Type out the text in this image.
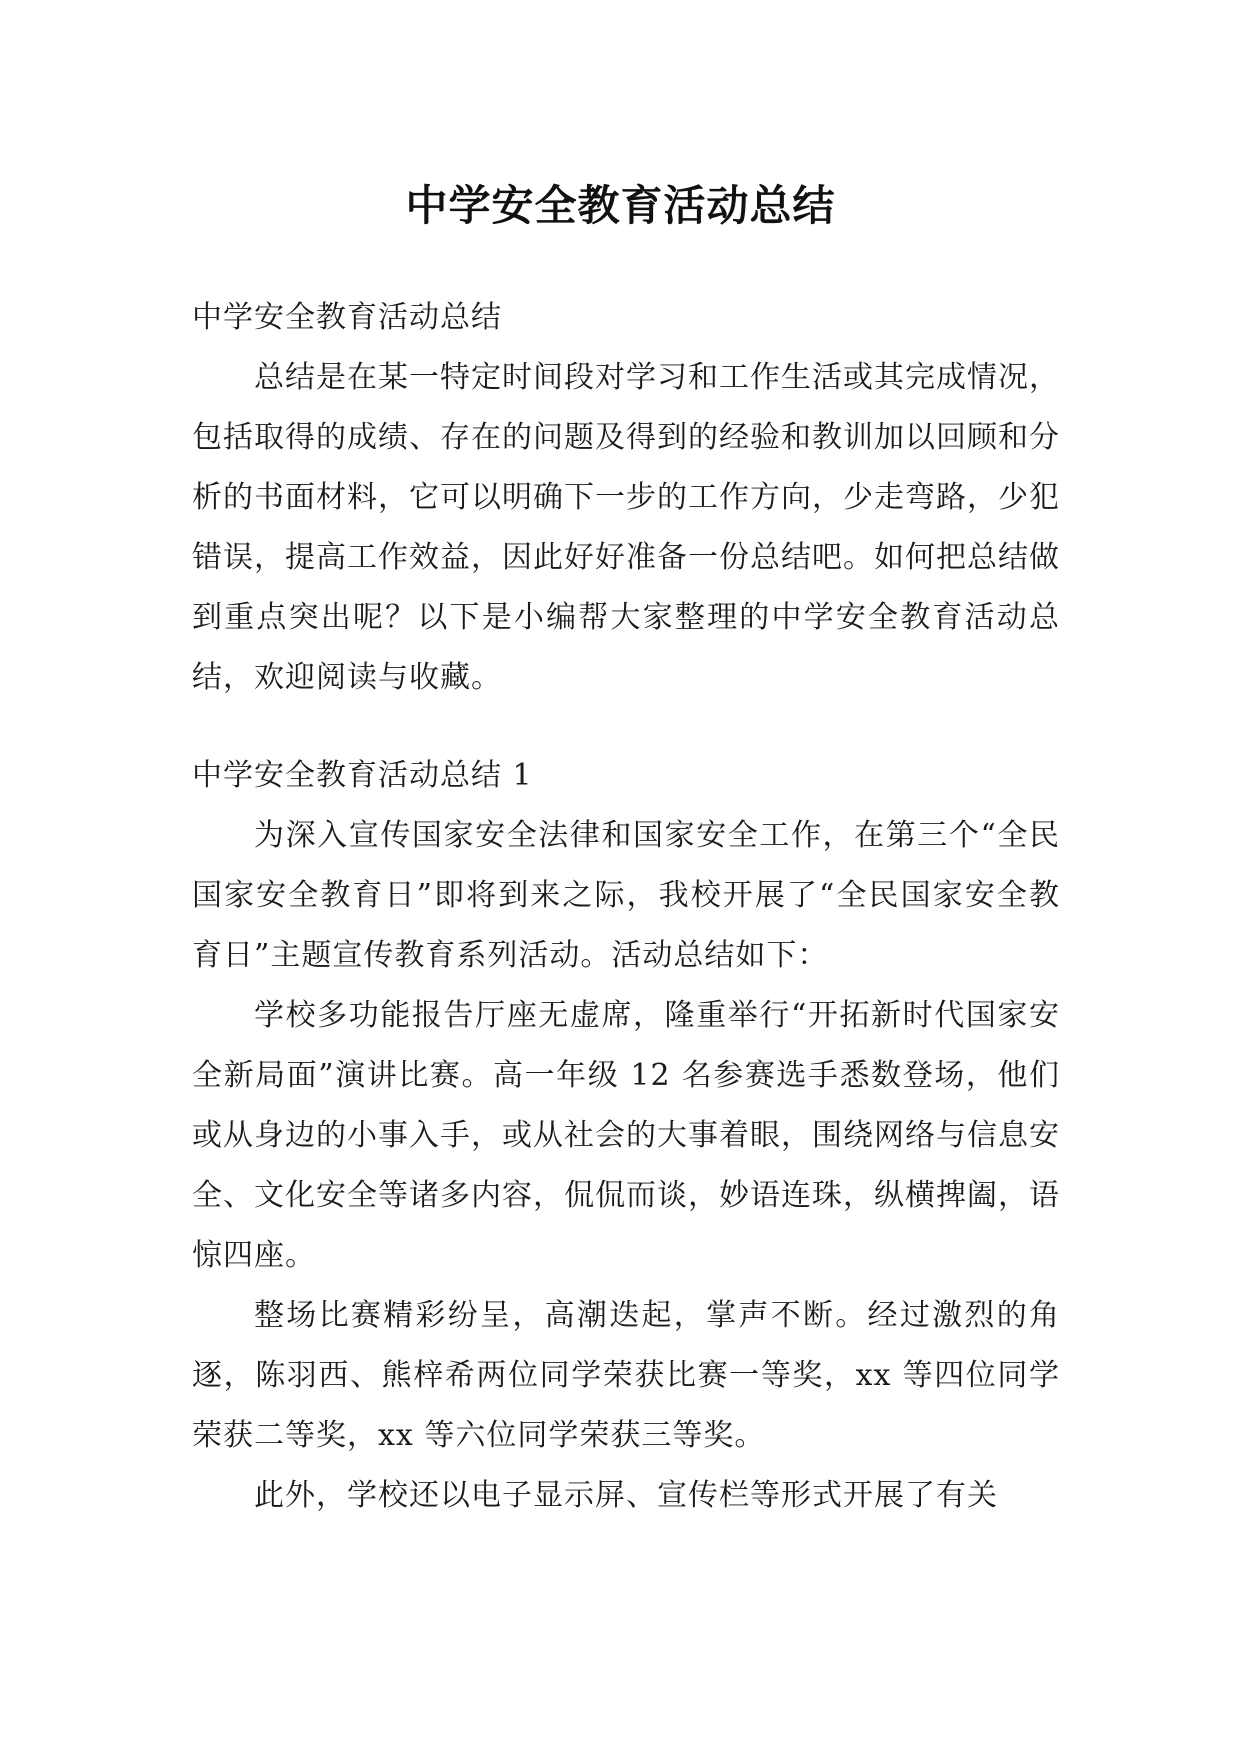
中学安全教育活动总结

中学安全教育活动总结

总结是在某一特定时间段对学习和工作生活或其完成情况，包括取得的成绩、存在的问题及得到的经验和教训加以回顾和分析的书面材料，它可以明确下一步的工作方向，少走弯路，少犯错误，提高工作效益，因此好好准备一份总结吧。如何把总结做到重点突出呢？以下是小编帮大家整理的中学安全教育活动总结，欢迎阅读与收藏。

中学安全教育活动总结 1

为深入宣传国家安全法律和国家安全工作，在第三个“全民国家安全教育日”即将到来之际，我校开展了“全民国家安全教育日”主题宣传教育系列活动。活动总结如下：

学校多功能报告厅座无虚席，隆重举行“开拓新时代国家安全新局面”演讲比赛。高一年级 12 名参赛选手悉数登场，他们或从身边的小事入手，或从社会的大事着眼，围绕网络与信息安全、文化安全等诸多内容，侃侃而谈，妙语连珠，纵横捭阖，语惊四座。

整场比赛精彩纷呈，高潮迭起，掌声不断。经过激烈的角逐，陈羽西、熊梓希两位同学荣获比赛一等奖，xx 等四位同学荣获二等奖，xx 等六位同学荣获三等奖。

此外，学校还以电子显示屏、宣传栏等形式开展了有关
